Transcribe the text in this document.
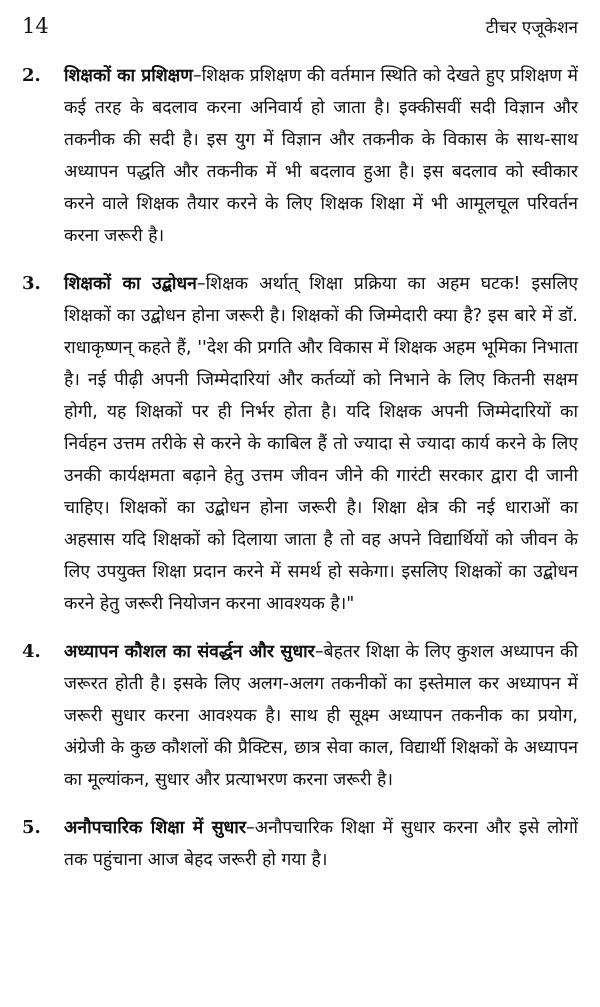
14	टीचर एजूकेशन
2.	शिक्षकों का प्रशिक्षण–शिक्षक प्रशिक्षण की वर्तमान स्थिति को देखते हुए प्रशिक्षण में कई तरह के बदलाव करना अनिवार्य हो जाता है। इक्कीसवीं सदी विज्ञान और तकनीक की सदी है। इस युग में विज्ञान और तकनीक के विकास के साथ-साथ अध्यापन पद्धति और तकनीक में भी बदलाव हुआ है। इस बदलाव को स्वीकार करने वाले शिक्षक तैयार करने के लिए शिक्षक शिक्षा में भी आमूलचूल परिवर्तन करना जरूरी है।
3.	शिक्षकों का उद्बोधन–शिक्षक अर्थात् शिक्षा प्रक्रिया का अहम घटक! इसलिए शिक्षकों का उद्बोधन होना जरूरी है। शिक्षकों की जिम्मेदारी क्या है? इस बारे में डॉ. राधाकृष्णन् कहते हैं, ''देश की प्रगति और विकास में शिक्षक अहम भूमिका निभाता है। नई पीढ़ी अपनी जिम्मेदारियां और कर्तव्यों को निभाने के लिए कितनी सक्षम होगी, यह शिक्षकों पर ही निर्भर होता है। यदि शिक्षक अपनी जिम्मेदारियों का निर्वहन उत्तम तरीके से करने के काबिल हैं तो ज्यादा से ज्यादा कार्य करने के लिए उनकी कार्यक्षमता बढ़ाने हेतु उत्तम जीवन जीने की गारंटी सरकार द्वारा दी जानी चाहिए। शिक्षकों का उद्बोधन होना जरूरी है। शिक्षा क्षेत्र की नई धाराओं का अहसास यदि शिक्षकों को दिलाया जाता है तो वह अपने विद्यार्थियों को जीवन के लिए उपयुक्त शिक्षा प्रदान करने में समर्थ हो सकेगा। इसलिए शिक्षकों का उद्बोधन करने हेतु जरूरी नियोजन करना आवश्यक है।"
4.	अध्यापन कौशल का संवर्द्धन और सुधार–बेहतर शिक्षा के लिए कुशल अध्यापन की जरूरत होती है। इसके लिए अलग-अलग तकनीकों का इस्तेमाल कर अध्यापन में जरूरी सुधार करना आवश्यक है। साथ ही सूक्ष्म अध्यापन तकनीक का प्रयोग, अंग्रेजी के कुछ कौशलों की प्रैक्टिस, छात्र सेवा काल, विद्यार्थी शिक्षकों के अध्यापन का मूल्यांकन, सुधार और प्रत्याभरण करना जरूरी है।
5.	अनौपचारिक शिक्षा में सुधार–अनौपचारिक शिक्षा में सुधार करना और इसे लोगों तक पहुंचाना आज बेहद जरूरी हो गया है।
